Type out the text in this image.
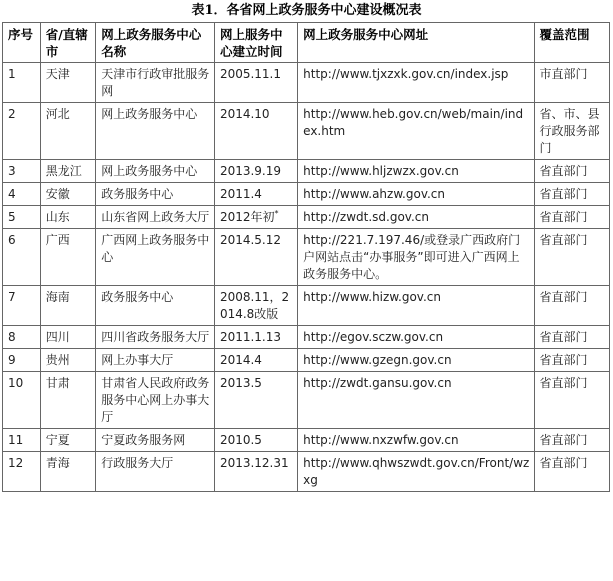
表1．各省网上政务服务中心建设概况表
序号	省/直辖市	网上政务服务中心名称	网上服务中心建立时间	网上政务服务中心网址	覆盖范围
1	天津	天津市行政审批服务网	2005.11.1	http://www.tjxzxk.gov.cn/index.jsp	市直部门
2	河北	网上政务服务中心	2014.10	http://www.heb.gov.cn/web/main/index.htm	省、市、县行政服务部门
3	黑龙江	网上政务服务中心	2013.9.19	http://www.hljzwzx.gov.cn	省直部门
4	安徽	政务服务中心	2011.4	http://www.ahzw.gov.cn	省直部门
5	山东	山东省网上政务大厅	2012年初*	http://zwdt.sd.gov.cn	省直部门
6	广西	广西网上政务服务中心	2014.5.12	http://221.7.197.46/或登录广西政府门户网站点击“办事服务”即可进入广西网上政务服务中心。	省直部门
7	海南	政务服务中心	2008.11，2014.8改版	http://www.hizw.gov.cn	省直部门
8	四川	四川省政务服务大厅	2011.1.13	http://egov.sczw.gov.cn	省直部门
9	贵州	网上办事大厅	2014.4	http://www.gzegn.gov.cn	省直部门
10	甘肃	甘肃省人民政府政务服务中心网上办事大厅	2013.5	http://zwdt.gansu.gov.cn	省直部门
11	宁夏	宁夏政务服务网	2010.5	http://www.nxzwfw.gov.cn	省直部门
12	青海	行政服务大厅	2013.12.31	http://www.qhwszwdt.gov.cn/Front/wzxg	省直部门
